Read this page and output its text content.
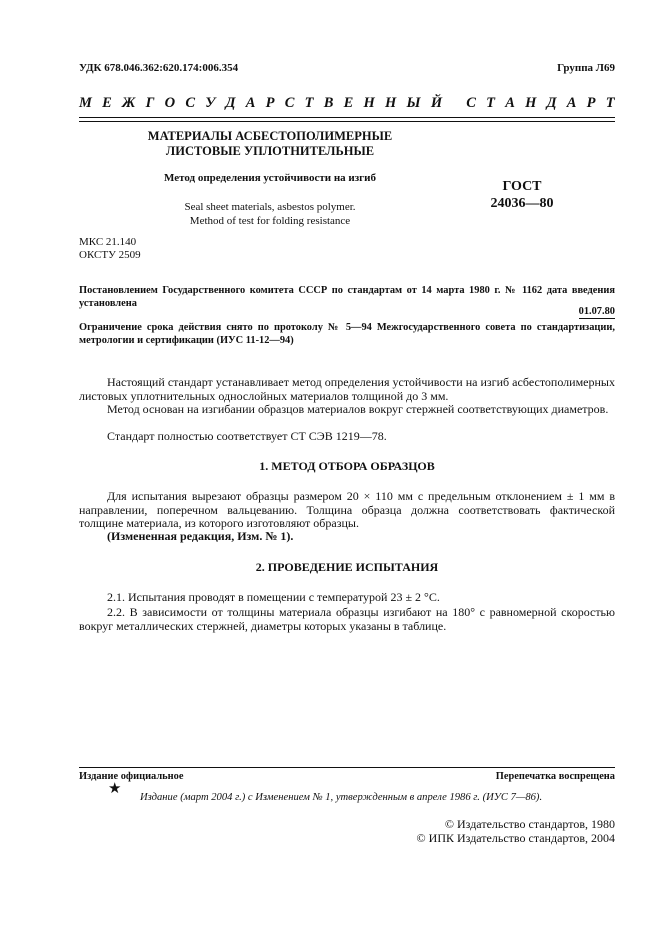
УДК 678.046.362:620.174:006.354	Группа Л69
М Е Ж Г О С У Д А Р С Т В Е Н Н Ы Й
С Т А Н Д А Р Т
МАТЕРИАЛЫ АСБЕСТОПОЛИМЕРНЫЕ
ЛИСТОВЫЕ УПЛОТНИТЕЛЬНЫЕ
Метод определения устойчивости на изгиб
Seal sheet materials, asbestos polymer.
Method of test for folding resistance
ГОСТ
24036—80
МКС 21.140
ОКСТУ 2509
Постановлением Государственного комитета СССР по стандартам от 14 марта 1980 г. № 1162 дата введения установлена
01.07.80
Ограничение срока действия снято по протоколу № 5—94 Межгосударственного совета по стандартизации, метрологии и сертификации (ИУС 11-12—94)
Настоящий стандарт устанавливает метод определения устойчивости на изгиб асбестополимерных листовых уплотнительных однослойных материалов толщиной до 3 мм.
Метод основан на изгибании образцов материалов вокруг стержней соответствующих диаметров.
Стандарт полностью соответствует СТ СЭВ 1219—78.
1. МЕТОД ОТБОРА ОБРАЗЦОВ
Для испытания вырезают образцы размером 20 × 110 мм с предельным отклонением ± 1 мм в направлении, поперечном вальцеванию. Толщина образца должна соответствовать фактической толщине материала, из которого изготовляют образцы.
(Измененная редакция, Изм. № 1).
2. ПРОВЕДЕНИЕ ИСПЫТАНИЯ
2.1. Испытания проводят в помещении с температурой 23 ± 2 °С.
2.2. В зависимости от толщины материала образцы изгибают на 180° с равномерной скоростью вокруг металлических стержней, диаметры которых указаны в таблице.
Издание официальное	Перепечатка воспрещена
★
Издание (март 2004 г.) с Изменением № 1, утвержденным в апреле 1986 г. (ИУС 7—86).
© Издательство стандартов, 1980
© ИПК Издательство стандартов, 2004
